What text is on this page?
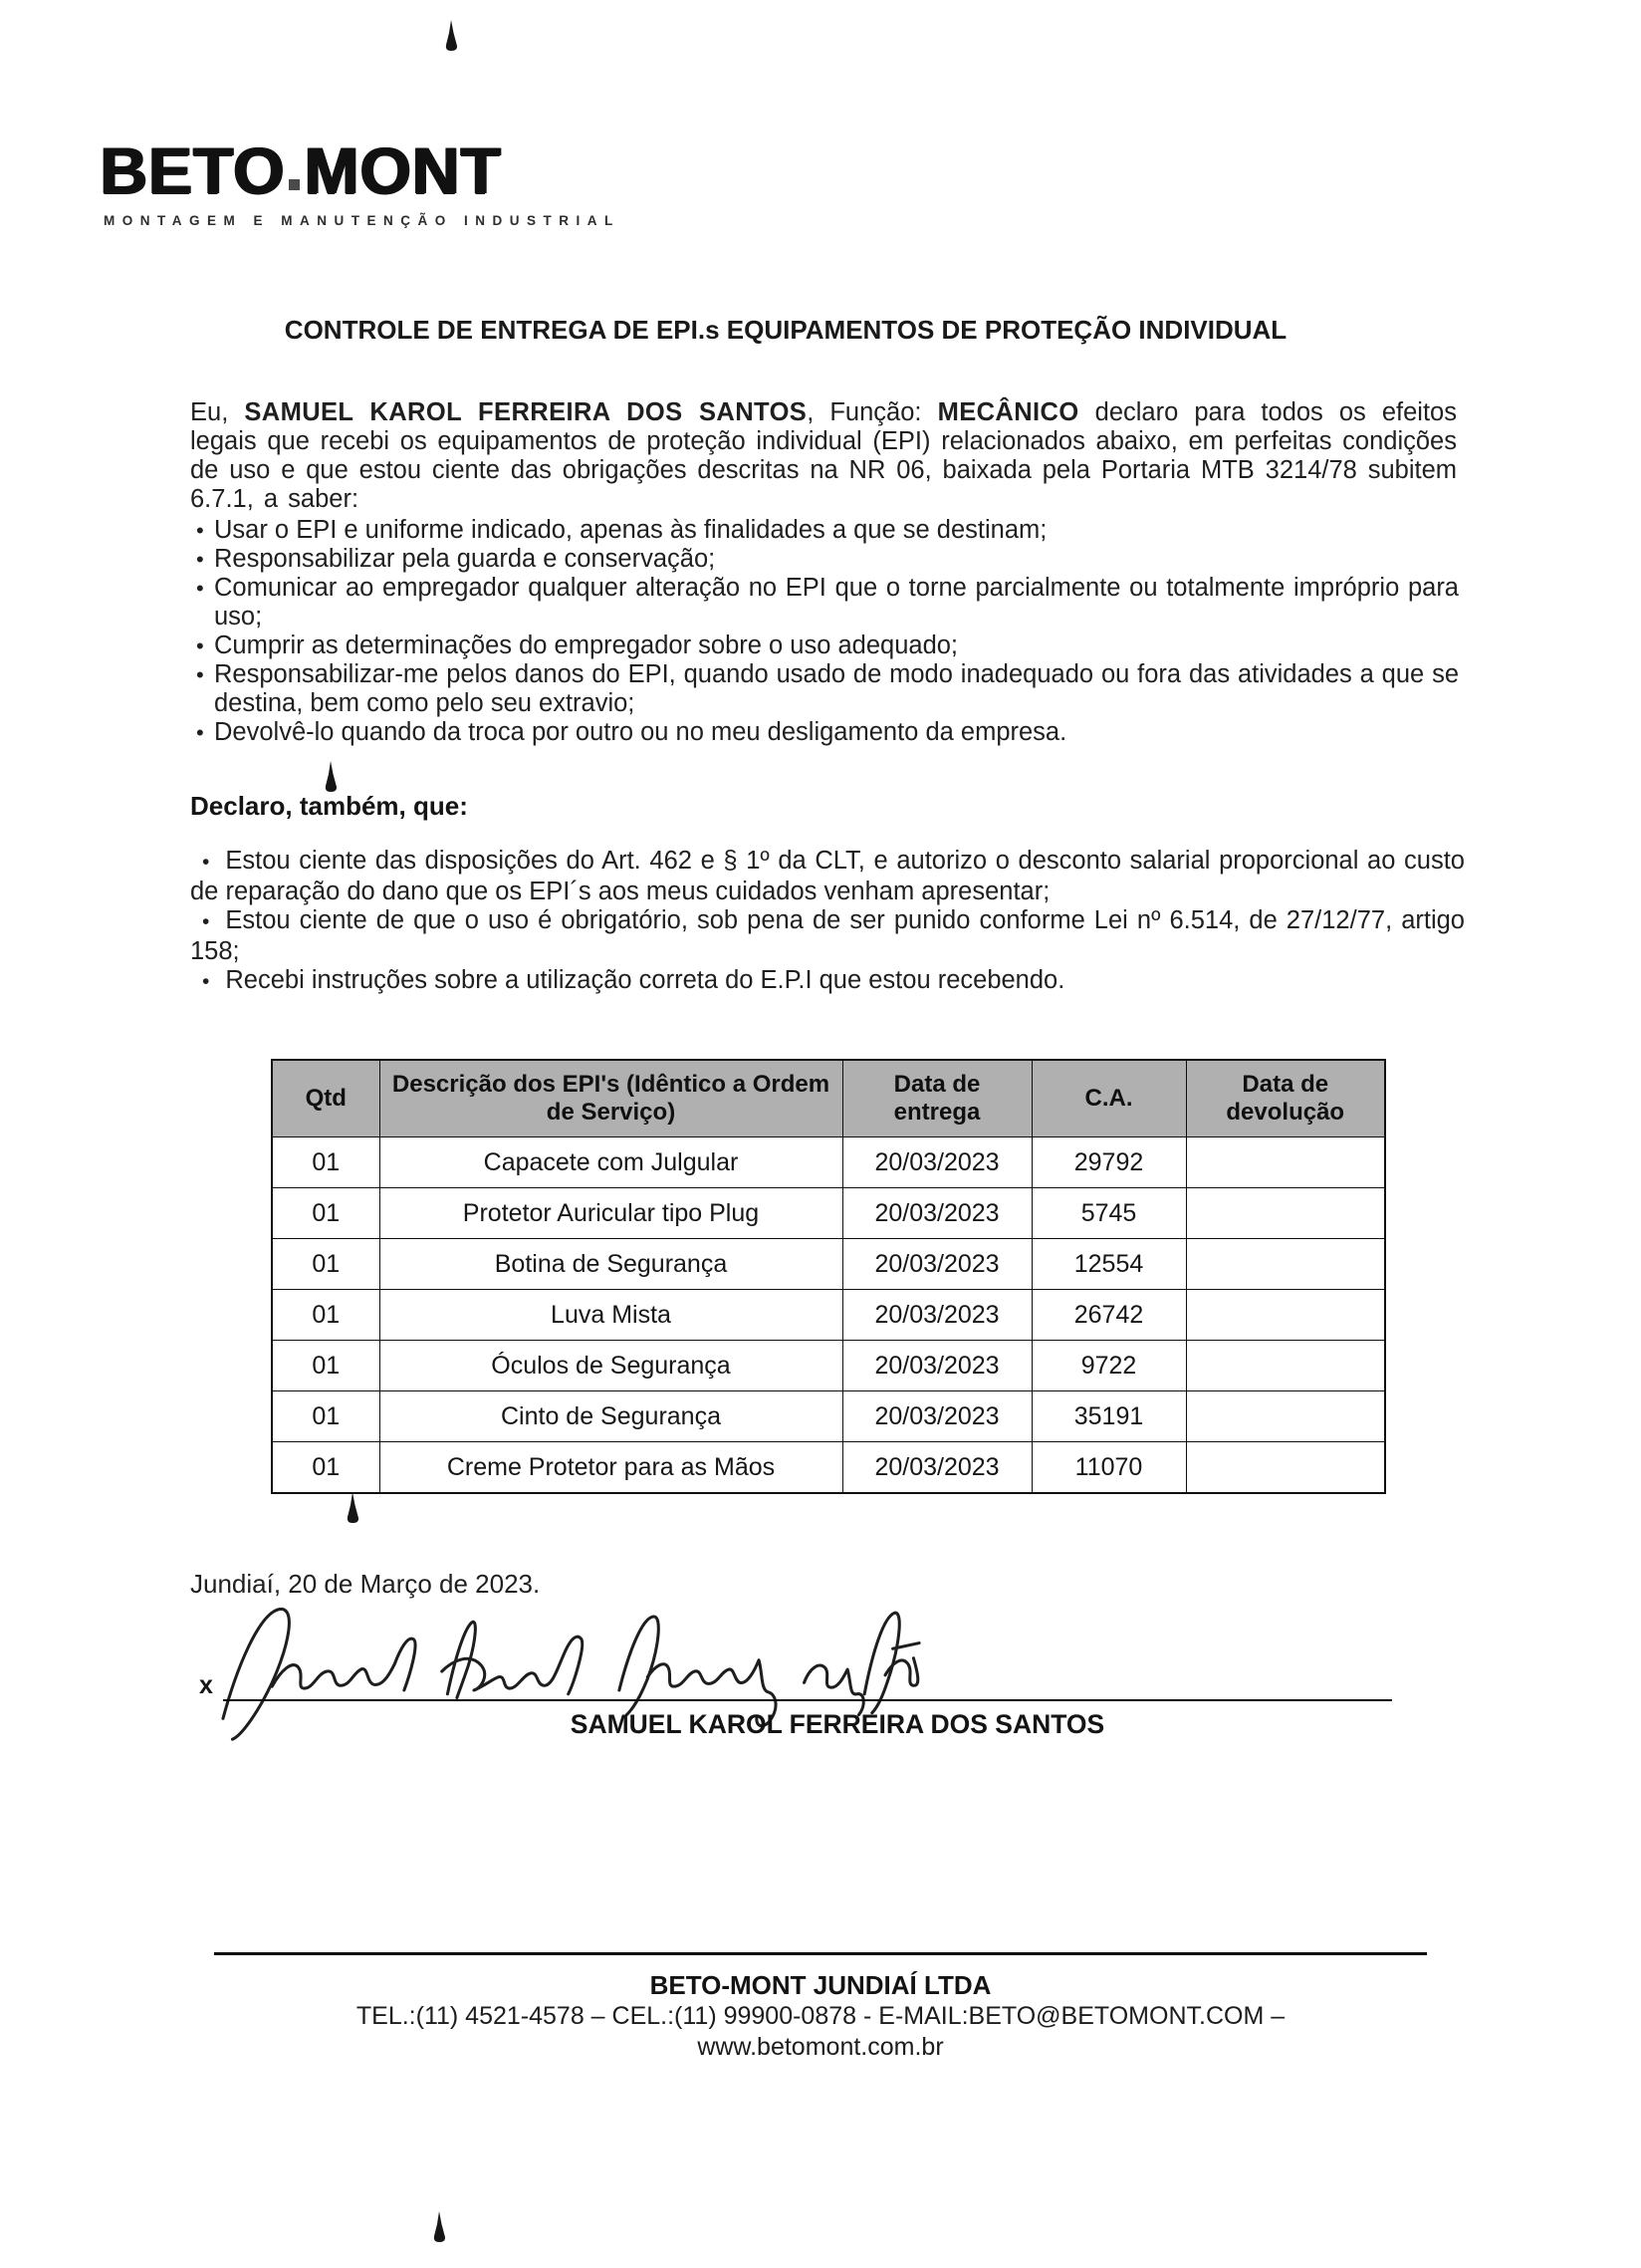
BETO MONT
MONTAGEM E MANUTENÇÃO INDUSTRIAL
CONTROLE DE ENTREGA DE EPI.s EQUIPAMENTOS DE PROTEÇÃO INDIVIDUAL
Eu, SAMUEL KAROL FERREIRA DOS SANTOS, Função: MECÂNICO declaro para todos os efeitos legais que recebi os equipamentos de proteção individual (EPI) relacionados abaixo, em perfeitas condições de uso e que estou ciente das obrigações descritas na NR 06, baixada pela Portaria MTB 3214/78 subitem 6.7.1, a saber:
• Usar o EPI e uniforme indicado, apenas às finalidades a que se destinam;
• Responsabilizar pela guarda e conservação;
• Comunicar ao empregador qualquer alteração no EPI que o torne parcialmente ou totalmente impróprio para uso;
• Cumprir as determinações do empregador sobre o uso adequado;
• Responsabilizar-me pelos danos do EPI, quando usado de modo inadequado ou fora das atividades a que se destina, bem como pelo seu extravio;
• Devolvê-lo quando da troca por outro ou no meu desligamento da empresa.
Declaro, também, que:
• Estou ciente das disposições do Art. 462 e § 1º da CLT, e autorizo o desconto salarial proporcional ao custo de reparação do dano que os EPI´s aos meus cuidados venham apresentar;
• Estou ciente de que o uso é obrigatório, sob pena de ser punido conforme Lei nº 6.514, de 27/12/77, artigo 158;
• Recebi instruções sobre a utilização correta do E.P.I que estou recebendo.
Qtd	Descrição dos EPI's (Idêntico a Ordem de Serviço)	Data de entrega	C.A.	Data de devolução
01	Capacete com Julgular	20/03/2023	29792	
01	Protetor Auricular tipo Plug	20/03/2023	5745	
01	Botina de Segurança	20/03/2023	12554	
01	Luva Mista	20/03/2023	26742	
01	Óculos de Segurança	20/03/2023	9722	
01	Cinto de Segurança	20/03/2023	35191	
01	Creme Protetor para as Mãos	20/03/2023	11070	
Jundiaí, 20 de Março de 2023.
x
SAMUEL KAROL FERREIRA DOS SANTOS
BETO-MONT JUNDIAÍ LTDA
TEL.:(11) 4521-4578 – CEL.:(11) 99900-0878 - E-MAIL:BETO@BETOMONT.COM –
www.betomont.com.br
